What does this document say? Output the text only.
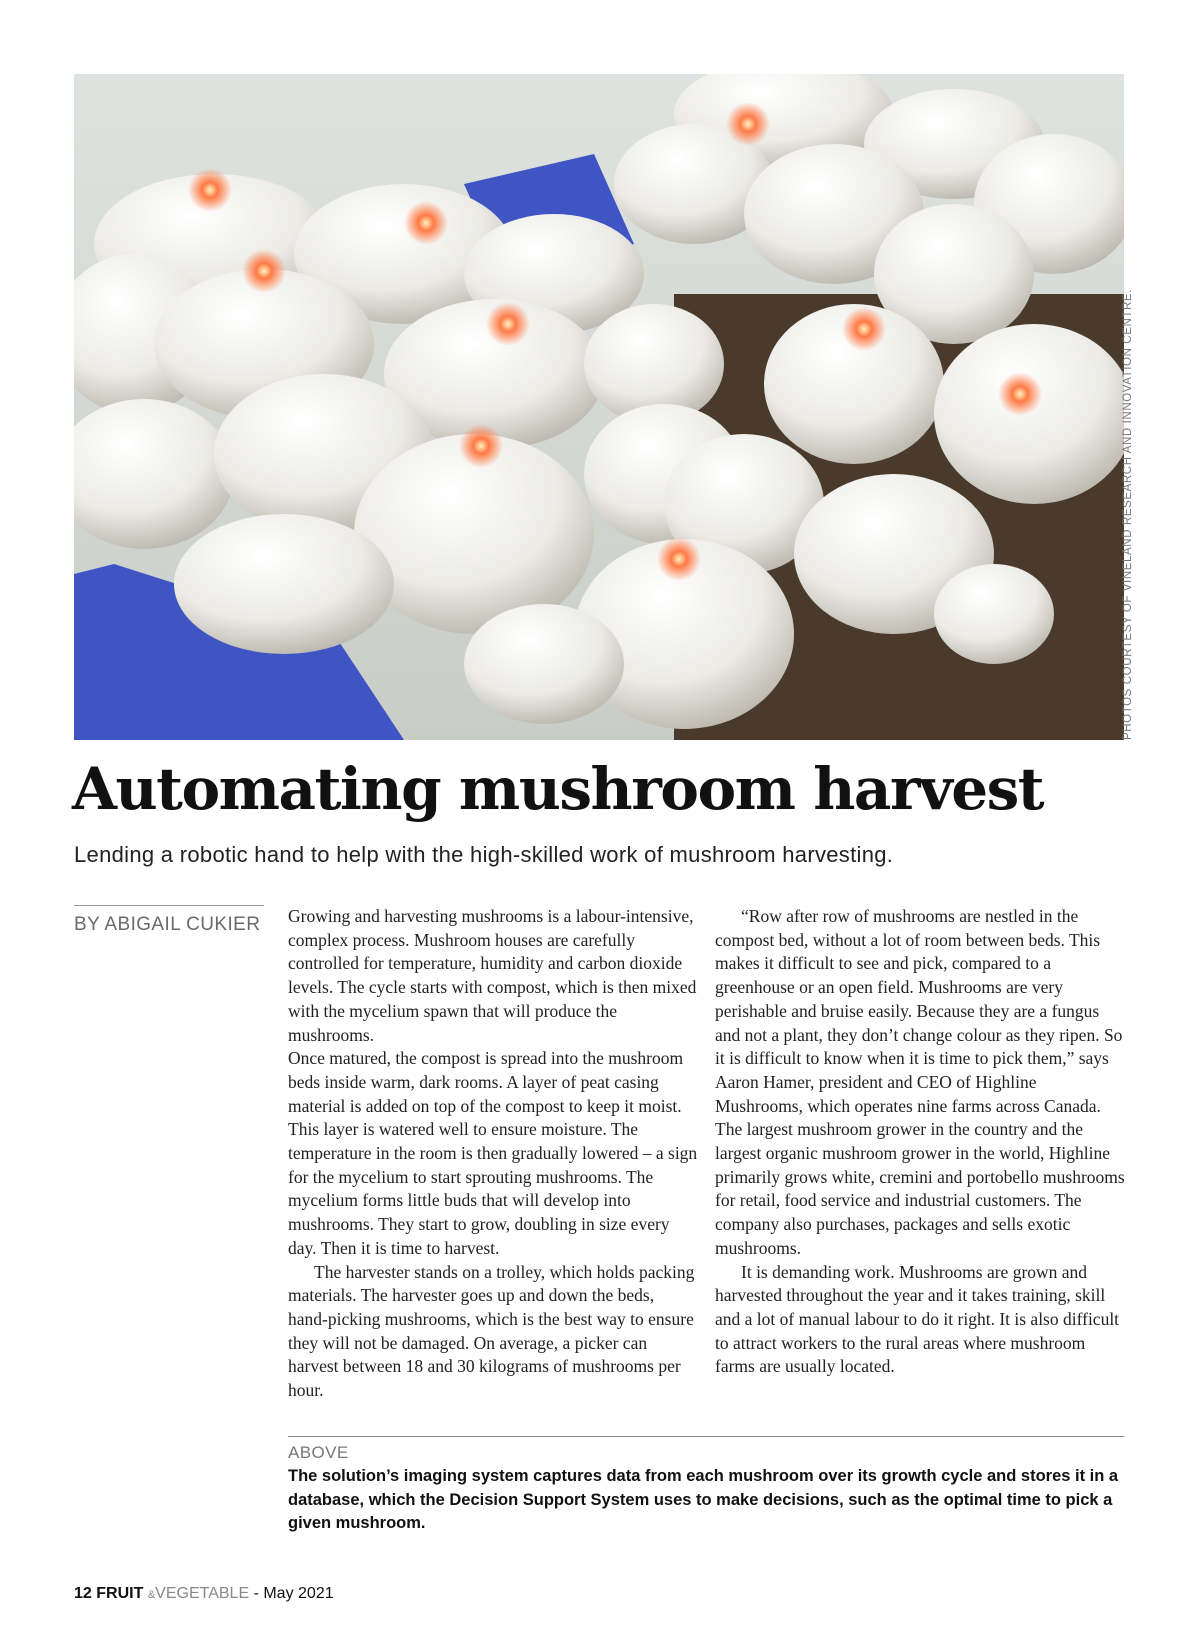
PHOTOS COURTESY OF VINELAND RESEARCH AND INNOVATION CENTRE.
Automating mushroom harvest

Lending a robotic hand to help with the high-skilled work of mushroom harvesting.

BY ABIGAIL CUKIER Growing and harvesting mushrooms is a labour-intensive, complex process. Mushroom houses are carefully controlled for temperature, humidity and carbon dioxide levels. The cycle starts with compost, which is then mixed with the mycelium spawn that will produce the mushrooms.

Once matured, the compost is spread into the mushroom beds inside warm, dark rooms. A layer of peat casing material is added on top of the compost to keep it moist. This layer is watered well to ensure moisture. The temperature in the room is then gradually lowered – a sign for the mycelium to start sprouting mushrooms. The mycelium forms little buds that will develop into mushrooms. They start to grow, doubling in size every day. Then it is time to harvest.

The harvester stands on a trolley, which holds packing materials. The harvester goes up and down the beds, hand-picking mushrooms, which is the best way to ensure they will not be damaged. On average, a picker can harvest between 18 and 30 kilograms of mushrooms per hour.

“Row after row of mushrooms are nestled in the compost bed, without a lot of room between beds. This makes it difficult to see and pick, compared to a greenhouse or an open field. Mushrooms are very perishable and bruise easily. Because they are a fungus and not a plant, they don’t change colour as they ripen. So it is difficult to know when it is time to pick them,” says Aaron Hamer, president and CEO of Highline Mushrooms, which operates nine farms across Canada. The largest mushroom grower in the country and the largest organic mushroom grower in the world, Highline primarily grows white, cremini and portobello mushrooms for retail, food service and industrial customers. The company also purchases, packages and sells exotic mushrooms.

It is demanding work. Mushrooms are grown and harvested throughout the year and it takes training, skill and a lot of manual labour to do it right. It is also difficult to attract workers to the rural areas where mushroom farms are usually located.

ABOVE

The solution’s imaging system captures data from each mushroom over its growth cycle and stores it in a database, which the Decision Support System uses to make decisions, such as the optimal time to pick a given mushroom.

12 FRUIT &VEGETABLE - May 2021
